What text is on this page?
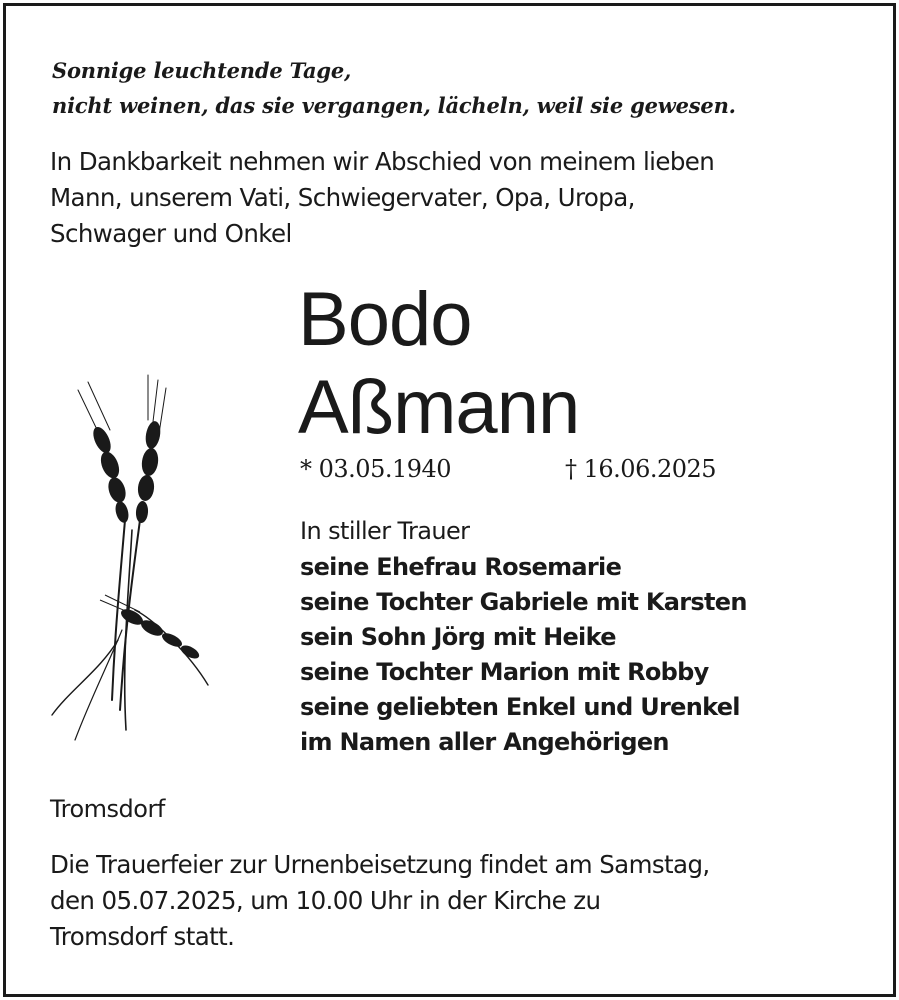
Sonnige leuchtende Tage,
nicht weinen, das sie vergangen, lächeln, weil sie gewesen.
In Dankbarkeit nehmen wir Abschied von meinem lieben
Mann, unserem Vati, Schwiegervater, Opa, Uropa,
Schwager und Onkel
Bodo
Aßmann
* 03.05.1940	† 16.06.2025
In stiller Trauer
seine Ehefrau Rosemarie
seine Tochter Gabriele mit Karsten
sein Sohn Jörg mit Heike
seine Tochter Marion mit Robby
seine geliebten Enkel und Urenkel
im Namen aller Angehörigen
Tromsdorf
Die Trauerfeier zur Urnenbeisetzung findet am Samstag,
den 05.07.2025, um 10.00 Uhr in der Kirche zu
Tromsdorf statt.
